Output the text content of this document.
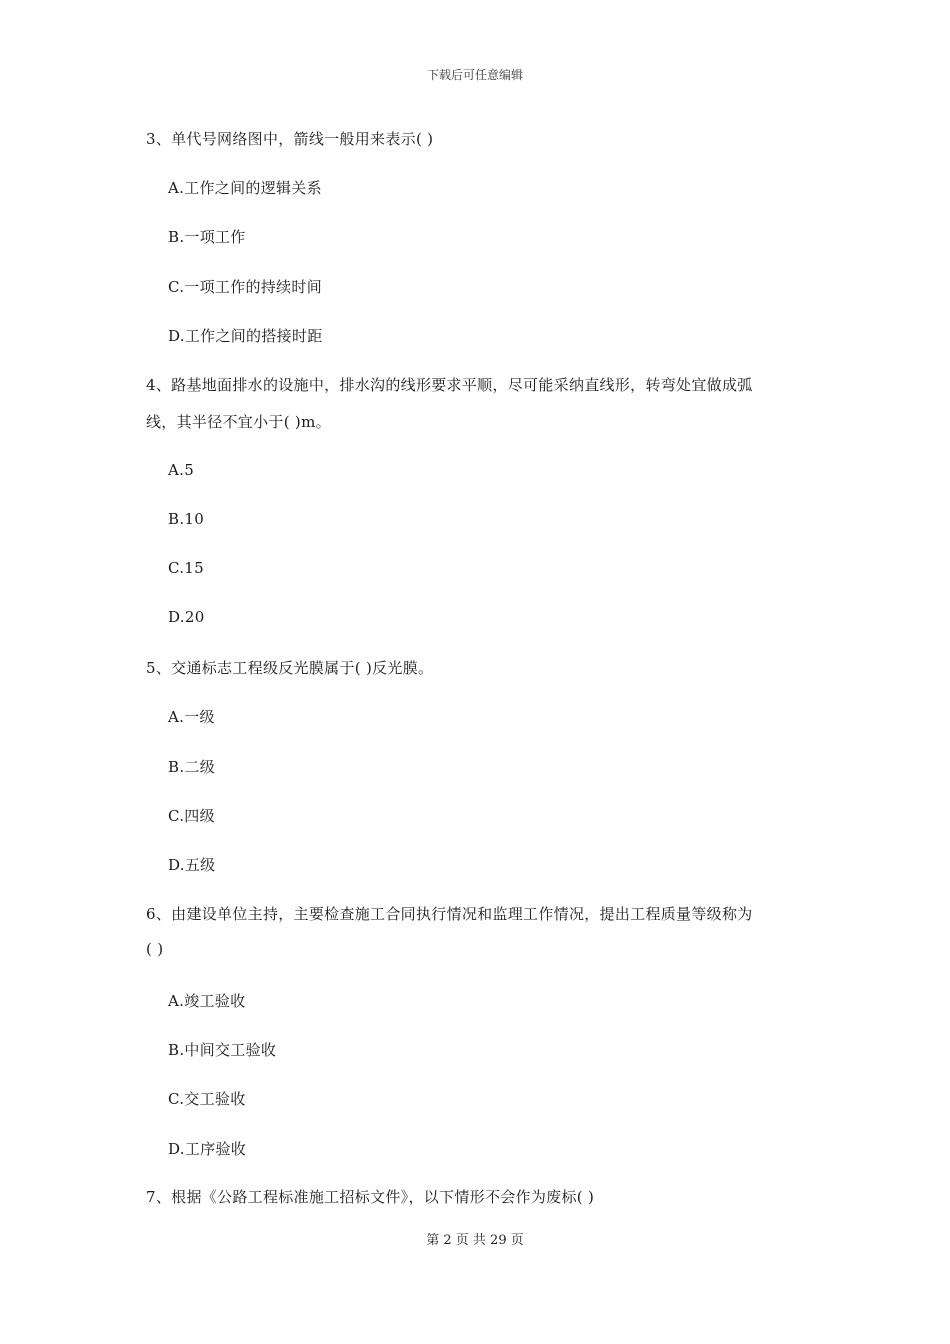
下载后可任意编辑
3、单代号网络图中，箭线一般用来表示( )
A.工作之间的逻辑关系
B.一项工作
C.一项工作的持续时间
D.工作之间的搭接时距
4、路基地面排水的设施中，排水沟的线形要求平顺，尽可能采纳直线形，转弯处宜做成弧
线，其半径不宜小于( )m。
A.5
B.10
C.15
D.20
5、交通标志工程级反光膜属于( )反光膜。
A.一级
B.二级
C.四级
D.五级
6、由建设单位主持，主要检查施工合同执行情况和监理工作情况，提出工程质量等级称为
( )
A.竣工验收
B.中间交工验收
C.交工验收
D.工序验收
7、根据《公路工程标准施工招标文件》，以下情形不会作为废标( )
第 2 页 共 29 页
